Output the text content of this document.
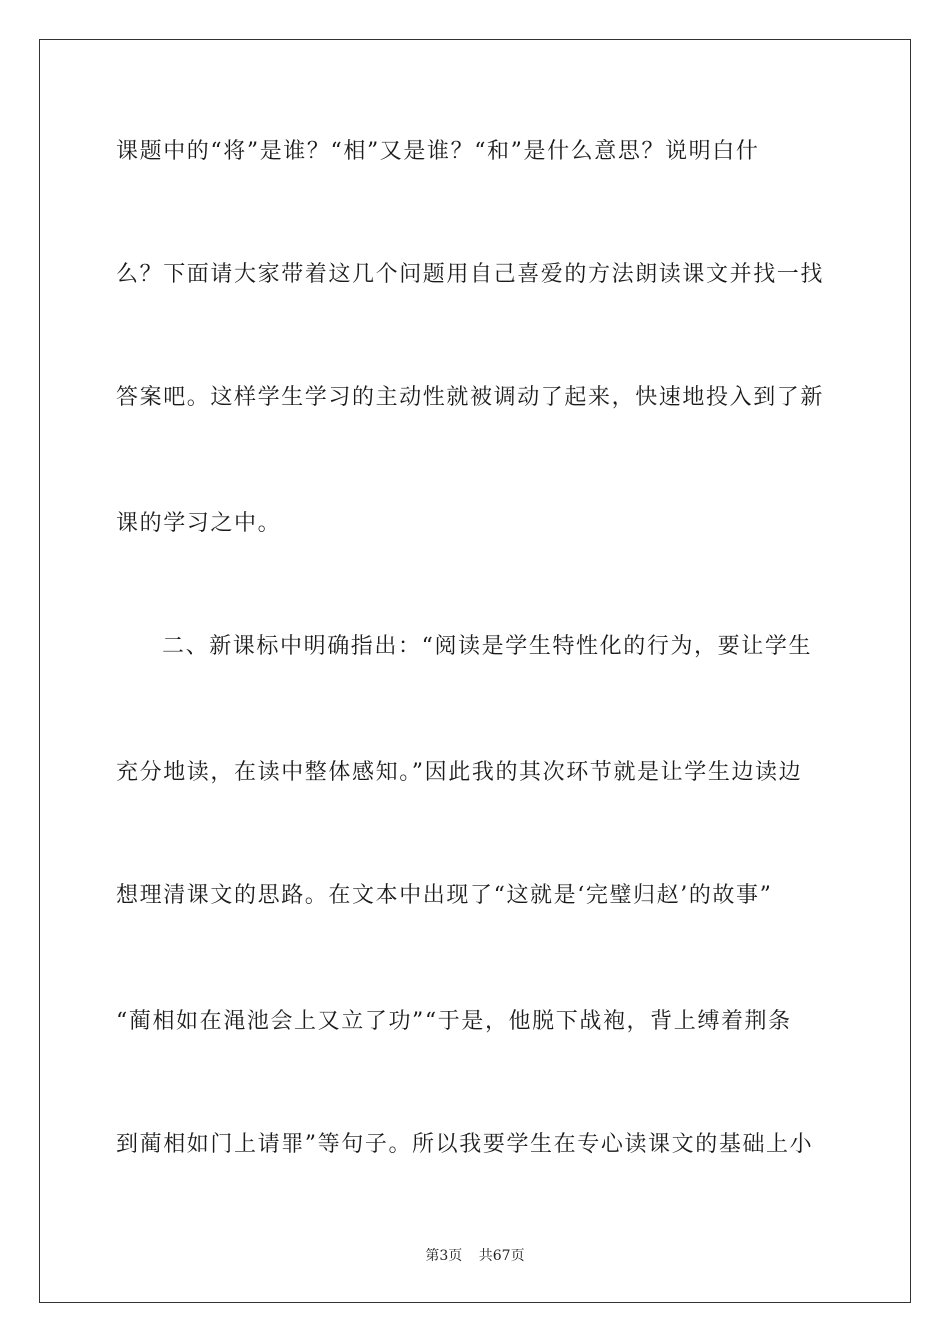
课题中的“将”是谁？“相”又是谁？“和”是什么意思？说明白什
么？下面请大家带着这几个问题用自己喜爱的方法朗读课文并找一找
答案吧。这样学生学习的主动性就被调动了起来，快速地投入到了新
课的学习之中。
二、新课标中明确指出：“阅读是学生特性化的行为，要让学生
充分地读，在读中整体感知。”因此我的其次环节就是让学生边读边
想理清课文的思路。在文本中出现了“这就是‘完璧归赵’的故事”
“蔺相如在渑池会上又立了功”“于是，他脱下战袍，背上缚着荆条
到蔺相如门上请罪”等句子。所以我要学生在专心读课文的基础上小
第3页 共67页
